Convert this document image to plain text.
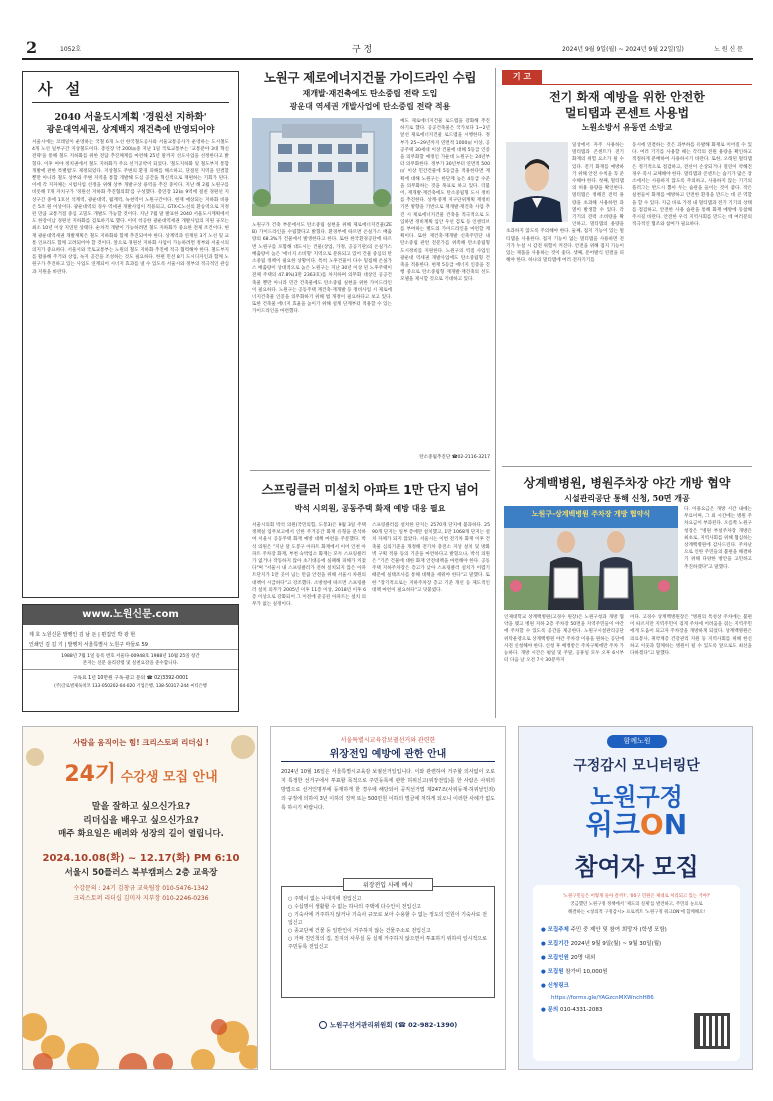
2	1052호	구 정	2024년 9월 9일(월) ~ 2024년 9월 22일(일)	노 원 신 문
사 설
2040 서울도시계획 '경원선 지하화'
광운대역세권, 상계백지 재건축에 반영되어야
서울시에는 코레일이 운영하는 국철 6개 노선 한국철도공사와 서울교통공사가 운영하는 도시철도 4개 노선 일부구간 지상철도이다. 총연장 약 200㎞중 지난 1일 국토교통부는 '교통분야 3대 혁신전략'을 통해 철도 지하화를 위한 전담 추진체계를 마련해 25년 말까지 선도사업을 선정한다고 밝혔다. 이후 여야 정치권에서 철도 지하화가 주요 선거공약이 되었다. '철도지하화 및 철도부지 통합개발에 관한 특별법'도 제정되었다. 지상철도 주변의 환경 피해를 해소하고, 단절된 지역을 연결할 뿐만 아니라 철도 상부와 주변 지역을 통합 개발해 도심 공간을 혁신적으로 재편하는 기회가 된다. 이에 각 지자체는 시범사업 선정을 위해 상부 개발구상 용역을 추진 중이다. 지난 해 2월 노원구를 비롯해 7개 자치구가 '경원선 지하화 추진협의회'를 구성했다. 총연장 12㎞ 9역에 걸친 경원선 지상구간 중에 1호선 석계역, 광운대역, 월계역, 녹천역이 노원구간이다. 현재 예상되는 지하화 비용은 5조 원 이상이다. 광운대역의 경우 역세권 개발사업이 적용되고, GTX-C노선의 환승역으로 지정된 만큼 교통거점 중심 고밀도 개발도 가능할 것이다. 지난 7월 말 발표한 2040 서울도시계획에서도 한강이남 경원선 지하화를 검토하기로 했다. 이미 착공한 광운대역세권 개발사업의 지원 규모는 최소 10년 이상 지연된 상태다. 순차적 개발이 가능하려면 철도 지하화가 중요한 전제 조건이다. 현재 광운대역세권 개발계획은 철도 지하화와 함께 추진되어야 한다. 상계역과 연계된 3기 노선 및 교통 인프라도 함께 고려되어야 할 것이다. 앞으로 경원선 지하화 사업이 가능하려면 정부와 서울시의 의지가 중요하다. 서울시와 국토교통부는 노원의 철도 지하화 추진에 적극 협력해야 한다. 철도부지를 활용해 주거와 상업, 녹지 공간을 조성하는 것도 필요하다. 한편 민선 8기 도시디자인과 함께 노원구가 추진하고 있는 사업도 연계되어 시너지 효과를 낼 수 있도록 서울시와 정부의 적극적인 관심과 지원을 바란다.
www.노원신문.com
제 호 노원신문 발행인 김 남 돈 | 편집인 박 광 현
인쇄인 김 길 기 | 발행처 서울특별시 노원구 마들로 59
1988년 7월 1일 등록 번호 서울다-00948호 1988년 10월 25일 창간
본지는 신문 윤리강령 및 실천요강을 준수합니다.
구독료 1년 10만원 구독·광고 문의 ☎ 02)3392-0001
(주)글로벌제독치코 133-050202-04-020 기업은행, 138-50317-244 씨티은행
노원구 제로에너지건물 가이드라인 수립
재개발·재건축에도 탄소중립 전략 도입
광운대 역세권 개발사업에 탄소중립 전략 적용
노원구가 건축 부문에서도 탄소중립 실현을 위해 제로에너지건물(ZEB) 가이드라인을 수립했다고 밝혔다. 환경부에 따르면 온실가스 배출량의 68.3%가 건물에서 발생한다고 한다. 또한 한국환경공단에 따르면 노원구를 포함해 대도시는 건물(상업, 가정, 공공기관)의 온실가스 배출량이 높은 '에너지 소비형' 지역으로 분류되고 있어 건물 중심의 탄소중립 정책이 필요한 상황이다. 특히 노후건물이 다수 밀집해 온실가스 배출량이 상대적으로 높은 노원구는 지난 30년 이상 된 노후주택이 전체 주택의 47.8%(3만 2363호)를 차지하며 의무화 대상인 공공건축물 뿐만 아니라 민간 건축물에도 탄소중립 실현을 위한 가이드라인이 필요하다. 노원구는 공동주택 재건축·재개발 등 정비사업 시 제로에너지건축물 인증을 의무화하기 위해 법 개정이 필요하다고 보고 있다. 또한 건축물 에너지 효율을 높이기 위해 설계 단계부터 적용할 수 있는 가이드라인을 마련했다.
예도 제로에너지건물 로드맵을 강화해 추진하기로 했다. 공공건축물은 국가보다 1~2년 앞선 제로에너지건물 로드맵을 시행한다. 정부가 25~29년까지 연면적 1000㎡ 이상, 공공주택 30세대 이상 건물에 대해 5등급 인증을 의무화할 예정인 가운데 노원구는 24년부터 의무화한다. 정부가 30년부터 연면적 500㎡ 이상 민간건물에 5등급을 적용한다면 계획에 대해 노원구는 한단계 높은 4등급 수준을 의무화하는 것을 목표로 하고 있다. 더불어, 재개발·재건축에도 탄소중립형 도시 정비를 추진한다. 상계·중계 지구단위계획 재정비 기본 방향을 기반으로 재개발·재건축 사업 추진 시 제로에너지건물 건축을 적극적으로 도입하면 정비계획 입안 우선 검토 등 인센티브를 부여하는 별도의 가이드라인을 마련할 계획이다. 또한 재건축·재개발 신축주민단 내 탄소중립 관련 전문가를 위촉해 탄소중립형 도시정비를 지원한다. 노원구의 역점 사업인 광운대 역세권 개발사업에도 탄소중립형 건축을 적용한다. 현재 5등급 에너지 인증을 진행 중으로 탄소중립형 재개발·재건축의 선도 모델을 제시할 것으로 기대하고 있다.
탄소중립추진단 ☎02-2116-3217
스프링클러 미설치 아파트 1만 단지 넘어
박석 시의원, 공동주택 화재 예방 대응 필요
서울시의회 박석 의원(국민의힘, 도봉3)은 9월 3일 주택정책실 업무보고에서 인한 주거공간 화재 유형을 분석하여 서울시 공동주택 화재 예방 대책 마련을 주문했다. 박석 의원은 "지난 달 도봉구 아파트 화재에서 이어 인천 아파트 주차장 화재, 부천 숙박업소 화재는 모두 스프링클러가 없거나 작동하지 않아 초기대응에 실패해 피해가 커졌다"며 "서울시 내 스프링클러가 전혀 설치되지 않은 아파트단지가 1만 곳이 넘는 만큼 안전을 위해 서울시 차원의 대책이 시급하다"고 강조했다. 소방청에 따르면 스프링클러 설치 의무가 2005년 이후 11층 이상, 2018년 이후 6층 이상으로 강화되어 그 이전에 준공된 아파트는 설치 의무가 없는 실정이다.
스프링클러를 설치한 단지는 2570개 단지에 불과하다. 2590개 단지는 일부 층에만 설치했고, 1만 1068개 단지는 설치 자체가 되지 않았다. 서울시는 이번 전기차 화재 이후 건축물 심의기준을 개정해 전기차 충전소 지상 설치 및 방화벽 구획 적용 등의 기준을 마련하다고 밝혔으나, 박석 의원은 "기존 건물에 대한 화재 안전대책을 마련해야 한다. 공동주택 지하주차장은 층고가 낮아 스프링클러 설치가 어렵기 때문에 실태조사를 통해 대책을 세워야 한다"고 말했다. 또한 "장기적으로는 지하주차장 층고 기준 개선 등 제도적인 대책 마련이 필요하다"고 덧붙였다.
기 고
전기 화재 예방을 위한 안전한
멀티탭과 콘센트 사용법
노원소방서 유동연 소방교
일상에서 자주 사용하는 멀티탭과 콘센트가 전기 화재의 위험 요소가 될 수 있다. 전기 화재를 예방하기 위해 안전 수칙을 꼭 준수해야 한다. 첫째, 멀티탭의 허용 용량을 확인한다. 멀티탭은 정해진 전력 용량을 초과해 사용하면 과열이 발생할 수 있다. 각 기기의 전력 소비량을 확인하고, 멀티탭의 용량을 초과하지 않도록 주의해야 한다. 둘째, 접지 기능이 있는 멀티탭을 사용한다. 접지 기능이 없는 멀티탭을 사용하면 전기가 누설 시 감전 위험이 커진다. 안전을 위해 접지 기능이 있는 제품을 사용하는 것이 좋다. 셋째, 문어발식 연결을 피해야 한다. 하나의 멀티탭에 여러 전자기기를
동시에 연결하는 것은 과부하를 유발해 화재로 이어질 수 있다. 여러 기기를 사용할 때는 각각의 전원 용량을 확인하고 적절하게 분배하여 사용하시기 바란다. 또한, 오래된 멀티탭은 정기적으로 점검하고, 전선이 손상되거나 절연이 약해진 경우 즉시 교체해야 한다. 멀티탭과 콘센트는 습기가 많은 장소에서는 사용하지 않도록 주의하고, 사용하지 않는 기기의 플러그는 반드시 뽑아 두는 습관을 들이는 것이 좋다. 작은 실천들이 화재를 예방하고 안전한 환경을 만드는 데 큰 역할을 할 수 있다. 지금 바로 가정 내 멀티탭과 전기 기기의 상태를 점검하고, 안전한 사용 습관을 통해 화재 예방에 동참해 주시길 바란다. 안전한 우리 지역사회를 만드는 데 여러분의 적극적인 협조와 참여가 필요하다.
상계백병원, 병원주차장 야간 개방 협약
시설관리공단 통해 신청, 50면 개공
노원구-상계백병원 주차장 개방 협약식
다. 이용요금은 개방 시간 내에는 무료이며, 그 외 시간에는 병원 주차요금이 부과된다. 오름쪽 노원구청장은 "병원 부설주차장 개방은 최초로, 지역사회를 위해 협심하는 상계백병원에 감사드린다. 주차난으로 인한 주민들의 불편을 해결하기 위해 다양한 방안을 고민하고 추진하겠다"고 말했다.
인제대학교 상계백병원(고경수 원장)은 노원구청과 개방 협약을 맺고 병원 지하 2층 주차장 50면을 지역주민들이 야간에 주차할 수 있도록 공간을 제공한다. 노원구시설관리공단 위탁운영으로 상계백병원 야간 주차장 이용을 원하는 공단에 사전 신청해야 한다. 신청 후 배정받은 주차구획에만 주차 가능하다. 개방 시간은 평일 및 주말, 공휴일 모두 오후 6시부터 다음 날 오전 7시 30분까지
이다. 고경수 상계백병원장은 "병원의 특성상 주차에는 불편이 따르지만 지역주민이 겪게 주차에 어려움을 겪는 지역주민에게 도움이 되고자 주차장을 개방하게 되었다. 상계백병원은 의료봉사, 취약계층 건강관리 지원 등 지역사회를 위해 헌신하고 이웃과 함께하는 병원이 될 수 있도록 앞으로도 최선을 다하겠다"고 말했다.
사람을 움직이는 힘! 크리스토퍼 리더십 !
24기 수강생 모집 안내
말을 잘하고 싶으신가요?
리더십을 배우고 싶으신가요?
매주 화요일은 배려와 성장의 길이 열립니다.
2024.10.08(화) ~ 12.17(화) PM 6:10
서울시 50플러스 북부캠퍼스 2층 교육장
수강문의 : 24기 김창규 교육팀장 010-5476-1342
크리스토퍼 리더십 김미자 지부장 010-2246-0236
서울특별시교육감보궐선거와 관련한
위장전입 예방에 관한 안내
2024년 10월 16일은 서울특별시교육감 보궐선거일입니다. 이와 관련하여 거주할 의사없이 오로지 특정한 선거구에서 투표할 목적으로 주민등록에 관한 허위신고(위장전입)를 한 사람은 사위의 방법으로 선거인명부에 등재하게 한 경우에 해당되어 공직선거법 제247조(사위등재·허위날인죄)의 규정에 의하여 3년 이하의 징역 또는 500만원 이하의 벌금에 처하게 되오니 이러한 사례가 없도록 하시기 바랍니다.
위장전입 사례 예시
○ 주택이 없는 나대지에 전입신고
○ 수십명이 생활할 수 없는 하나의 주택에 다수인이 전입신고
○ 기숙사에 거주하지 않거나 기숙사 규모로 보아 수용할 수 없는 정도의 인원이 기숙사로 전입신고
○ 종교단체 건물 등 일반인이 거주하지 않는 건물주소로 전입신고
○ 가짜 친인척의 집, 친지의 사무실 등 실제 거주하지 않으면서 투표하기 위하여 일시적으로 주민등록 전입신고
노원구선거관리위원회 (☎ 02-982-1390)
함께노원
구정감시 모니터링단
노원구정
워크ON
참여자 모집
'노원구민들은 어떻게 돌아 갈까?', '00구 민원은 제대로 처리되고 있는 거야?'
궁금했던 노원구정 정책에서 '제도의 실제'를 발견하고, 주민의 눈으로
해결하는 <창의적 구정감시> 프로젝트 '노원구정 워크ON'에 함께해요!
● 모집주제 주민 중 제안 및 참여 희망자 (학생 포함)
● 모집기간 2024년 9월 9일(월) ~ 9월 30일(월)
● 모집인원 20명 내외
● 모집원 참가비 10,000원
● 신청링크
https://forms.gle/YAGzcnMXWnchH86
● 문의 010-4331-2083
